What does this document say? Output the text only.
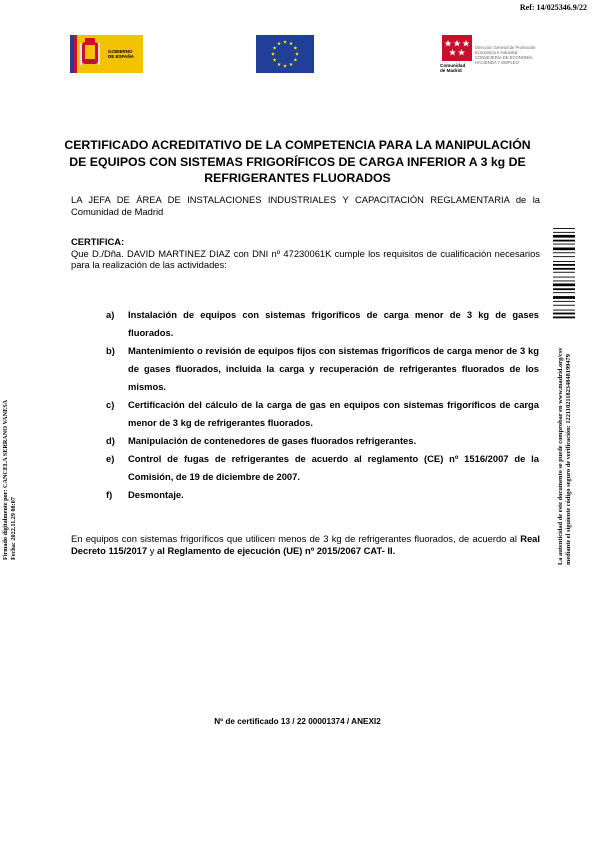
Ref: 14/025346.9/22
GOBIERNO
DE ESPAÑA
Comunidad
de Madrid
Dirección General de Promoción
Económica e Industrial
CONSEJERÍA DE ECONOMÍA,
HACIENDA Y EMPLEO
CERTIFICADO ACREDITATIVO DE LA COMPETENCIA PARA LA MANIPULACIÓN DE EQUIPOS CON SISTEMAS FRIGORÍFICOS DE CARGA INFERIOR A 3 kg DE REFRIGERANTES FLUORADOS
LA JEFA DE ÁREA DE INSTALACIONES INDUSTRIALES Y CAPACITACIÓN REGLAMENTARIA de la Comunidad de Madrid
CERTIFICA:
Que D./Dña. DAVID MARTINEZ DIAZ con DNI nº 47230061K cumple los requisitos de cualificación necesarios para la realización de las actividades:
a)	Instalación de equipos con sistemas frigoríficos de carga menor de 3 kg de gases fluorados.
b)	Mantenimiento o revisión de equipos fijos con sistemas frigoríficos de carga menor de 3 kg de gases fluorados, incluida la carga y recuperación de refrigerantes fluorados de los mismos.
c)	Certificación del cálculo de la carga de gas en equipos con sistemas frigoríficos de carga menor de 3 kg de refrigerantes fluorados.
d)	Manipulación de contenedores de gases fluorados refrigerantes.
e)	Control de fugas de refrigerantes de acuerdo al reglamento (CE) nº 1516/2007 de la Comisión, de 19 de diciembre de 2007.
f)	Desmontaje.
En equipos con sistemas frigoríficos que utilicen menos de 3 kg de refrigerantes fluorados, de acuerdo al Real Decreto 115/2017 y al Reglamento de ejecución (UE) nº 2015/2067 CAT- II.
Nº de certificado 13 / 22 00001374 / ANEXI2
Firmado digitalmente por: CANCELA SERRANO VANESA Fecha: 2022.11.29 08:07	La autenticidad de este documento se puede comprobar en www.madrid.org/csv mediante el siguiente código seguro de verificación: 1221102118234848199479
